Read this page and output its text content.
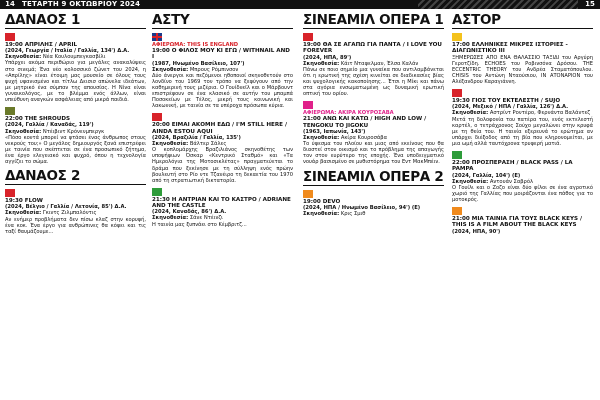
14	ΤΕΤΑΡΤΗ 9 ΟΚΤΩΒΡΙΟΥ 2024	15
ΔΑΝΑΟΣ 1
19:00 ΑΠΡΙΛΗΣ / APRIL
(2024, Γεωργία / Ιταλία / Γαλλία, 134') Δ.Α.
Σκηνοθεσία: Νέα Κουλουμπεγκασβίλι
Υπάρχει ακόμα περιθώριο για μεγάλες ανακαλύψεις στο σινεμά; Ένα νέο κολοσσικό ζώνετ του 2024, η «Απρίλης» είναι έτοιμη μας μουσείο σε όλους τους ψυχή υφανισμένο και τίτλω Δεισισ απώνελα ιδεάτων, με μητρικό ένα σύμπαν της απουσίας. Η Νίνα είναι γυναικολόγος, με το βλέμμα ενός άλλων, είναι υπεύθυνη αναγκών ασφάλειας από μικρά παιδιά.
22:00 THE SHROUDS
(2024, Γαλλία / Καναδάς, 119')
Σκηνοθεσία: Ντέιβιντ Κρόνενμπεργκ
«Πόσο κοντά μπορεί να φτάσει ένας άνθρωπος στους νεκρούς του;» Ο μεγάλος δημιουργός ξανά επιστρέφει με ταινία που σκέπτεται σε ένα προσωπικό ζήτημα, ένα έργο ελεγειακό και ψυχρό, όπου η τεχνολογία αγγίζει το σώμα.
ΔΑΝΑΟΣ 2
19:30 FLOW
(2024, Βέλγιο / Γαλλία / Λετονία, 85') Δ.Α.
Σκηνοθεσία: Γκιντς Ζιλμπαλόντις
Αν ενήμερ προβλήματα δεν πίσω κλαζ στην κορυφή, ένα κοκ. Ένα έργο για ανθρώπινες θα κόψει και τις ταξί θαυμάζουμε...
ΑΣΤΥ
ΑΦΙΕΡΩΜΑ: THIS IS ENGLAND
19:00 Ο ΦΙΛΟΣ ΜΟΥ ΚΙ ΕΓΩ / WITHNAIL AND I
(1987, Ηνωμένο Βασίλειο, 107')
Σκηνοθεσία: Μπρους Ρόμπινσον
Δύο άνεργοι και πεζόμενοι ηθοποιοί σκηνοθετούν στο λονδίνο του 1969 τον τρόπο να ξεφύγουν από την καθημερινή τους μιζέρια. Ο Γουίδνεϊλ και ο Μάρβουντ επιστρέφουν σε ένα κλασικό σε αυτήν του μπαμπά Ποσοκείων με Τέλος, μικρή τους κοινωνική και λακωνική, με ταινία σε τα υπέροχα πρόσωπα κύρια.
20:00 ΕΙΜΑΙ ΑΚΟΜΗ ΕΔΩ / I'M STILL HERE / AINDA ESTOU AQUI
(2024, Βραζιλία / Γαλλία, 135')
Σκηνοθεσία: Βάλτερ Σάλες
Ο κοπλομάρχης Βραζιλιάνος σκηνοθέτης των υποψήφιων Όσκαρ «Κεντρικό Σταθμό» και «Τα Ημερολόγια της Μοτοσικλέτας» πραγματεύεται το δράμα που ξεκίνησε με τη σύλληψη ενός πρώην βουλευτή στο Ρίο ντε Τζανέιρο τη δεκαετία του 1970 από τη στρατιωτική δικτατορία.
21:30 Η ΑΝΤΡΙΑΝ ΚΑΙ ΤΟ ΚΑΣΤΡΟ / ADRIANE AND THE CASTLE
(2024, Καναδάς, 86') Δ.Α.
Σκηνοθεσία: Σάνε Ντέινζι
Η ταινία μας ξυπνάει στο Κέμβριτζ...
ΣΙΝΕΑΜΙΛ ΟΠΕΡΑ 1
19:00 ΘΑ ΣΕ ΑΓΑΠΩ ΓΙΑ ΠΑΝΤΑ / I LOVE YOU FOREVER
(2024, ΗΠΑ, 89')
Σκηνοθεσία: Κάιτ Νταφελμαν, Έλσα Καλάν
Πάνω σε ποιο σημείο μια γυναίκα που αντιλαμβάνεται ότι η ερωτική της σχέση κινείται σε διαδικασίες βίας και ψυχολογικής κακοποίησης... Έτσι η Μίκι και πάνω στα αγόρια ενσωματωμένη ως δυναμική ερωτική οπτική του ορίου.
ΑΦΙΕΡΩΜΑ: ΑΚΙΡΑ ΚΟΥΡΟΣΑΒΑ
21:00 ΑΝΩ ΚΑΙ ΚΑΤΩ / HIGH AND LOW / TENGOKU TO JIGOKU
(1963, Ιαπωνία, 143')
Σκηνοθεσία: Ακίρα Κουροσάβα
Το ύφεσμα του πλοίου και μιας από εκείνους που θα διαστεί στον οικισμό και το πρόβλημα της απαγωγής τον στον ευρύτερο της εποχής. Ένα υποδειγματικό νουάρ βασισμένο σε μυθιστόρημα του Εντ ΜακΜπέιν.
ΣΙΝΕΑΜΙΛ ΟΠΕΡΑ 2
19:00 DEVO
(2024, ΗΠΑ / Ηνωμένο Βασίλειο, 94') (Ε)
Σκηνοθεσία: Κρις Σμιθ
ΑΣΤΟΡ
17:00 ΕΛΛΗΝΙΚΕΣ ΜΙΚΡΕΣ ΙΣΤΟΡΙΕΣ - ΔΙΑΓΩΝΙΣΤΙΚΟ ΙΙΙ
ΞΗΜΕΡΩΣΕΣ ΑΠΟ ΕΝΑ ΘΑΛΑΣΣΙΟ ΤΑΞΙΔΙ του Αργύρη Γεροτζίδη. ECHOES του Ροβινσόνα Δρόσου. THE ECCENTRIC THEORY του Ανδρέα Σταματόπουλου. CHISIS του Αντώνη Νταούσιου, ΙΝ ΑΤΟΝΑΡΙΟΝ του Αλέξανδρου Καραγιάννη.
19:30 ΓΙΟΣ ΤΟΥ ΕΚΤΕΛΕΣΤΗ / SUJO
(2024, Μεξικό / ΗΠΑ / Γαλλία, 126') Δ.Α.
Σκηνοθεσία: Αστρίντ Ροντέρο, Φερνάντα Βαλάντεζ
Μετά τη δολοφονία του πατέρα του, ενός εκτελεστή καρτέλ, ο τετράχρονος Σούχο μεγαλώνει στην κρυφά με τη θεία του. Η ταινία εξερευνά το ερώτημα αν υπάρχει διέξοδος από τη βία που κληρονομείται, με μια ωμή αλλά ταυτόχρονα τρυφερή ματιά.
22:00 ΠΡΟΣΠΕΡΑΣΗ / BLACK PASS / LA PAMPA
(2024, Γαλλία, 104') (Ε)
Σκηνοθεσία: Αντουάν Σαβρόλ
Ο Γουίλι και ο Ζοζο είναι δύο φίλοι σε ένα αγροτικό χωριό της Γαλλίας που μοιράζονται ένα πάθος για το μοτοκρός.
21:00 ΜΙΑ ΤΑΙΝΙΑ ΓΙΑ ΤΟΥΣ BLACK KEYS / THIS IS A FILM ABOUT THE BLACK KEYS
(2024, ΗΠΑ, 90')
